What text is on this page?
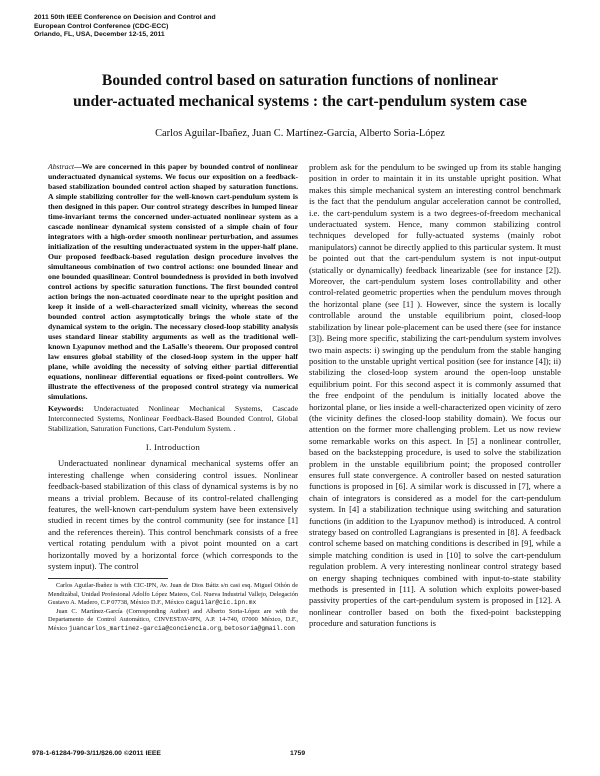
2011 50th IEEE Conference on Decision and Control and
European Control Conference (CDC-ECC)
Orlando, FL, USA, December 12-15, 2011
Bounded control based on saturation functions of nonlinear
under-actuated mechanical systems : the cart-pendulum system case
Carlos Aguilar-Ibañez, Juan C. Martínez-García, Alberto Soria-López

Abstract—We are concerned in this paper by bounded control of nonlinear underactuated dynamical systems. We focus our exposition on a feedback-based stabilization bounded control action shaped by saturation functions. A simple stabilizing controller for the well-known cart-pendulum system is then designed in this paper. Our control strategy describes in lumped linear time-invariant terms the concerned under-actuated nonlinear system as a cascade nonlinear dynamical system consisted of a simple chain of four integrators with a high-order smooth nonlinear perturbation, and assumes initialization of the resulting underactuated system in the upper-half plane. Our proposed feedback-based regulation design procedure involves the simultaneous combination of two control actions: one bounded linear and one bounded quasilinear. Control boundedness is provided in both involved control actions by specific saturation functions. The first bounded control action brings the non-actuated coordinate near to the upright position and keep it inside of a well-characterized small vicinity, whereas the second bounded control action asymptotically brings the whole state of the dynamical system to the origin. The necessary closed-loop stability analysis uses standard linear stability arguments as well as the traditional well-known Lyapunov method and the LaSalle's theorem. Our proposed control law ensures global stability of the closed-loop system in the upper half plane, while avoiding the necessity of solving either partial differential equations, nonlinear differential equations or fixed-point controllers. We illustrate the effectiveness of the proposed control strategy via numerical simulations.

Keywords: Underactuated Nonlinear Mechanical Systems, Cascade Interconnected Systems, Nonlinear Feedback-Based Bounded Control, Global Stabilization, Saturation Functions, Cart-Pendulum System. .

I. Introduction

Underactuated nonlinear dynamical mechanical systems offer an interesting challenge when considering control issues. Nonlinear feedback-based stabilization of this class of dynamical systems is by no means a trivial problem. Because of its control-related challenging features, the well-known cart-pendulum system have been extensively studied in recent times by the control community (see for instance [1] and the references therein). This control benchmark consists of a free vertical rotating pendulum with a pivot point mounted on a cart horizontally moved by a horizontal force (which corresponds to the system input). The control

Carlos Aguilar-Ibañez is with CIC-IPN, Av. Juan de Dios Bátiz s/n casi esq. Miguel Othón de Mendizábal, Unidad Profesional Adolfo López Mateos, Col. Nueva Industrial Vallejo, Delegación Gustavo A. Madero, C.P 07738, México D.F., México caguilar@cic.ipn.mx

Juan C. Martínez-García (Corresponding Author) and Alberto Soria-López are with the Departamento de Control Automático, CINVESTAV-IPN, A.P. 14-740, 07000 México, D.F., México juancarlos_martinez-garcia@conciencia.org, betosoria@gmail.com

problem ask for the pendulum to be swinged up from its stable hanging position in order to maintain it in its unstable upright position. What makes this simple mechanical system an interesting control benchmark is the fact that the pendulum angular acceleration cannot be controlled, i.e. the cart-pendulum system is a two degrees-of-freedom mechanical underactuated system. Hence, many common stabilizing control techniques developed for fully-actuated systems (mainly robot manipulators) cannot be directly applied to this particular system. It must be pointed out that the cart-pendulum system is not input-output (statically or dynamically) feedback linearizable (see for instance [2]). Moreover, the cart-pendulum system loses controllability and other control-related geometric properties when the pendulum moves through the horizontal plane (see [1] ). However, since the system is locally controllable around the unstable equilibrium point, closed-loop stabilization by linear pole-placement can be used there (see for instance [3]). Being more specific, stabilizing the cart-pendulum system involves two main aspects: i) swinging up the pendulum from the stable hanging position to the unstable upright vertical position (see for instance [4]); ii) stabilizing the closed-loop system around the open-loop unstable equilibrium point. For this second aspect it is commonly assumed that the free endpoint of the pendulum is initially located above the horizontal plane, or lies inside a well-characterized open vicinity of zero (the vicinity defines the closed-loop stability domain). We focus our attention on the former more challenging problem. Let us now review some remarkable works on this aspect. In [5] a nonlinear controller, based on the backstepping procedure, is used to solve the stabilization problem in the unstable equilibrium point; the proposed controller ensures full state convergence. A controller based on nested saturation functions is proposed in [6]. A similar work is discussed in [7], where a chain of integrators is considered as a model for the cart-pendulum system. In [4] a stabilization technique using switching and saturation functions (in addition to the Lyapunov method) is introduced. A control strategy based on controlled Lagrangians is presented in [8]. A feedback control scheme based on matching conditions is described in [9], while a simple matching condition is used in [10] to solve the cart-pendulum regulation problem. A very interesting nonlinear control strategy based on energy shaping techniques combined with input-to-state stability methods is presented in [11]. A solution which exploits power-based passivity properties of the cart-pendulum system is proposed in [12]. A nonlinear controller based on both the fixed-point backstepping procedure and saturation functions is

978-1-61284-799-3/11/$26.00 ©2011 IEEE	1759
